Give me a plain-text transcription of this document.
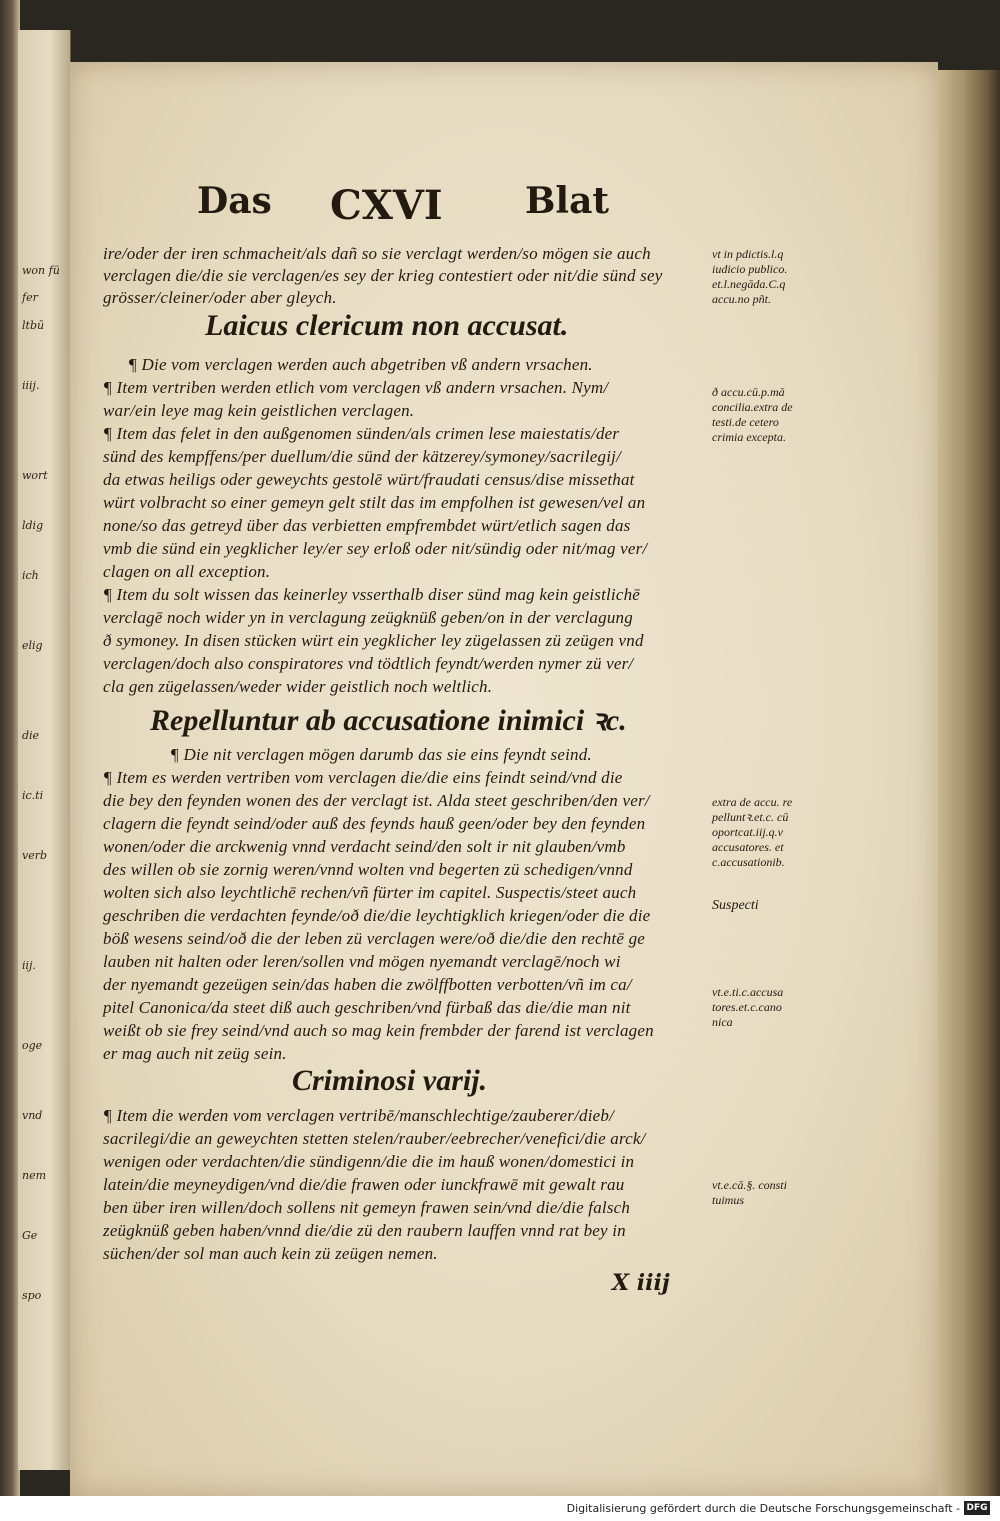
won fü
fer
ltbū
iiij.
wort
ldig
ich
elig
die
ic.ti
verb
iij.
oge
vnd
nem
Ge
spo
Das CXVI Blat
ire/oder der iren schmacheit/als dañ so sie verclagt werden/so mögen sie auch
verclagen die/die sie verclagen/es sey der krieg contestiert oder nit/die sünd sey
grösser/cleiner/oder aber gleych.
Laicus clericum non accusat.
¶ Die vom verclagen werden auch abgetriben vß andern vrsachen.
¶ Item vertriben werden etlich vom verclagen vß andern vrsachen. Nym/
war/ein leye mag kein geistlichen verclagen.
¶ Item das felet in den außgenomen sünden/als crimen lese maiestatis/der
sünd des kempffens/per duellum/die sünd der kätzerey/symoney/sacrilegij/
da etwas heiligs oder geweychts gestolē würt/fraudati census/dise missethat
würt volbracht so einer gemeyn gelt stilt das im empfolhen ist gewesen/vel an
none/so das getreyd über das verbietten empfrembdet würt/etlich sagen das
vmb die sünd ein yegklicher ley/er sey erloß oder nit/sündig oder nit/mag ver/
clagen on all exception.
¶ Item du solt wissen das keinerley vsserthalb diser sünd mag kein geistlichē
verclagē noch wider yn in verclagung zeügknüß geben/on in der verclagung
ð symoney. In disen stücken würt ein yegklicher ley zügelassen zü zeügen vnd
verclagen/doch also conspiratores vnd tödtlich feyndt/werden nymer zü ver/
cla gen zügelassen/weder wider geistlich noch weltlich.
Repelluntur ab accusatione inimici ꝛc.
¶ Die nit verclagen mögen darumb das sie eins feyndt seind.
¶ Item es werden vertriben vom verclagen die/die eins feindt seind/vnd die
die bey den feynden wonen des der verclagt ist. Alda steet geschriben/den ver/
clagern die feyndt seind/oder auß des feynds hauß geen/oder bey den feynden
wonen/oder die arckwenig vnnd verdacht seind/den solt ir nit glauben/vmb
des willen ob sie zornig weren/vnnd wolten vnd begerten zü schedigen/vnnd
wolten sich also leychtlichē rechen/vñ fürter im capitel. Suspectis/steet auch
geschriben die verdachten feynde/oð die/die leychtigklich kriegen/oder die die
böß wesens seind/oð die der leben zü verclagen were/oð die/die den rechtē ge
lauben nit halten oder leren/sollen vnd mögen nyemandt verclagē/noch wi
der nyemandt gezeügen sein/das haben die zwölffbotten verbotten/vñ im ca/
pitel Canonica/da steet diß auch geschriben/vnd fürbaß das die/die man nit
weißt ob sie frey seind/vnd auch so mag kein frembder der farend ist verclagen
er mag auch nit zeüg sein.
Criminosi varij.
¶ Item die werden vom verclagen vertribē/manschlechtige/zauberer/dieb/
sacrilegi/die an geweychten stetten stelen/rauber/eebrecher/venefici/die arck/
wenigen oder verdachten/die sündigenn/die die im hauß wonen/domestici in
latein/die meyneydigen/vnd die/die frawen oder iunckfrawē mit gewalt rau
ben über iren willen/doch sollens nit gemeyn frawen sein/vnd die/die falsch
zeügknüß geben haben/vnnd die/die zü den raubern lauffen vnnd rat bey in
süchen/der sol man auch kein zü zeügen nemen.
X iiij
vt in pdictis.l.q
iudicio publico.
et.l.negāda.C.q
accu.no pñt.
ð accu.cū.p.mā
concilia.extra de
testi.de cetero
crimia excepta.
extra de accu. re
pelluntꝛ.et.c. cū
oportcat.iij.q.v
accusatores. et
c.accusationib.
Suspecti
vt.e.ti.c.accusa
tores.et.c.cano
nica
vt.e.cā.§. consti
tuimus
Digitalisierung gefördert durch die Deutsche Forschungsgemeinschaft - DFG
